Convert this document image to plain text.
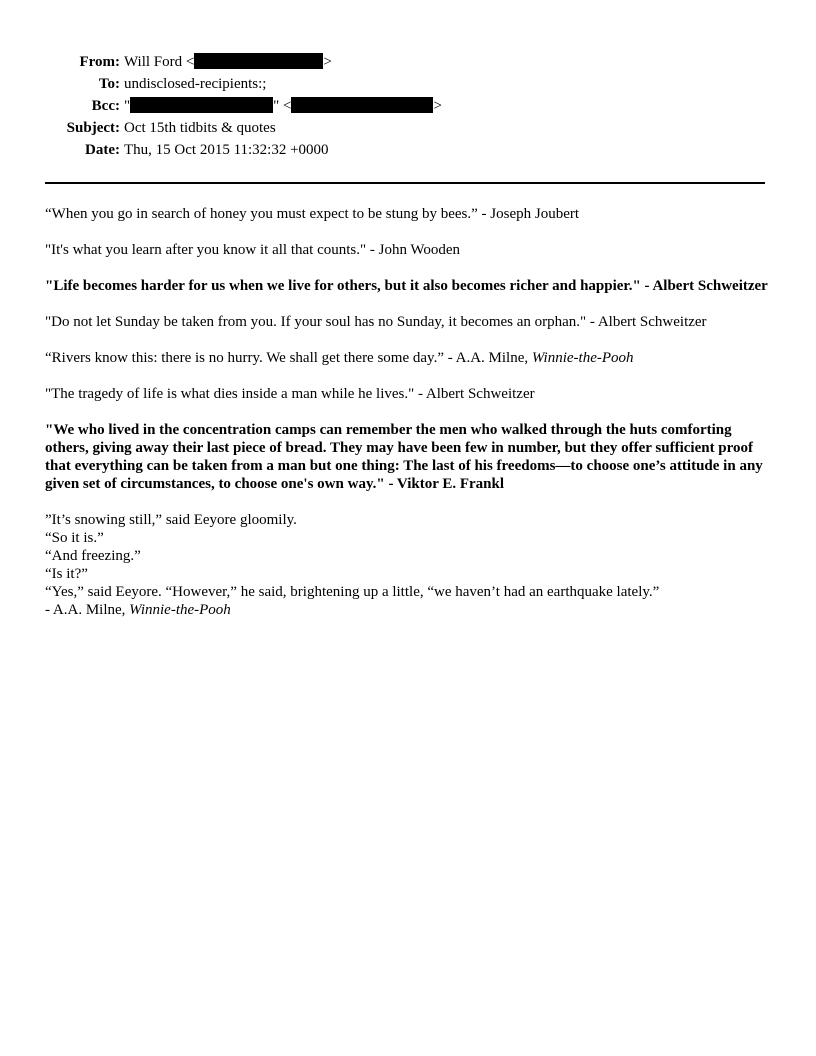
From: Will Ford <	>
To: undisclosed-recipients:;
Bcc: "	" <	>
Subject: Oct 15th tidbits & quotes
Date: Thu, 15 Oct 2015 11:32:32 +0000

“When you go in search of honey you must expect to be stung by bees.” - Joseph Joubert

"It's what you learn after you know it all that counts." - John Wooden

"Life becomes harder for us when we live for others, but it also becomes richer and happier." - Albert Schweitzer

"Do not let Sunday be taken from you. If your soul has no Sunday, it becomes an orphan." - Albert Schweitzer

“Rivers know this: there is no hurry. We shall get there some day.” - A.A. Milne, Winnie-the-Pooh

"The tragedy of life is what dies inside a man while he lives." - Albert Schweitzer

"We who lived in the concentration camps can remember the men who walked through the huts comforting others, giving away their last piece of bread. They may have been few in number, but they offer sufficient proof that everything can be taken from a man but one thing: The last of his freedoms—to choose one’s attitude in any given set of circumstances, to choose one's own way." - Viktor E. Frankl

”It’s snowing still,” said Eeyore gloomily.

“So it is.”

“And freezing.”

“Is it?”

“Yes,” said Eeyore. “However,” he said, brightening up a little, “we haven’t had an earthquake lately.”

- A.A. Milne, Winnie-the-Pooh
